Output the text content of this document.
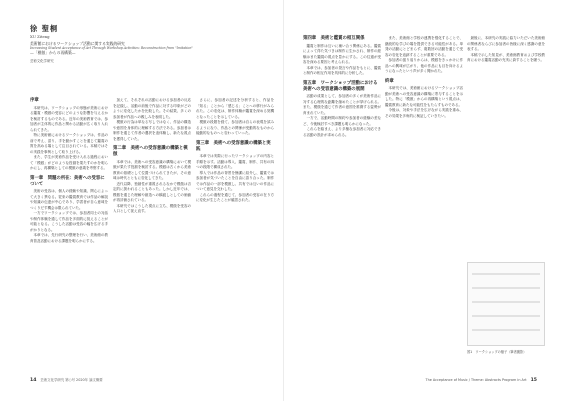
徐 聖桐
XU Ziteng
美術館におけるワークショップ活動に関する実践的研究
Increasing Student Acceptance of Art Through Workshop Activities: Reconstruction from "Imitation"
—「模倣」からの再構築—
芸術文化学研究
序章

本研究は、ワークショップの形態が美術における鑑賞・模倣の受容にどのような影響を与えるかを検討するものである。近年の美術教育では、参加者が主体的に作品と関わる活動が広く取り入れられてきた。

特に美術館におけるワークショップは、作品の前で考え、語り、手を動かすことを通じて鑑賞の質を高める場として注目されている。本稿ではその実践を事例として取り上げる。

また、学生が美術作品を受け入れる過程において「模倣」がどのような役割を果たすのかを明らかにし、再構築としての模倣の意義を考察する。

第一章　問題の所在：美術への受容について

美術の受容は、個人の経験や知識、関心によって大きく異なる。従来の鑑賞教育では作品の解説や知識の伝達が中心であり、学習者が自ら意味をつくりだす機会は限られていた。

一方でワークショップでは、参加者同士の対話や制作体験を通して作品を多面的に捉えることが可能となる。こうした活動は受容の幅を広げる手がかりとなる。

本章では、先行研究の整理を行い、美術館の教育普及活動における課題を明らかにする。

加えて、それぞれの活動における参加者の反応を記録し、活動の前後で作品に対する印象がどのように変化したかを比較した。その結果、多くの参加者が作品への親しみを表明した。

模倣の行為は単なる写しではなく、作品の構造や意図を身体的に理解する方法である。参加者は制作を通じて作者の選択を追体験し、新たな視点を獲得していた。

第二章　美術への受容意識の構築と模倣

本章では、美術への受容意識の構築において模倣が果たす役割を検討する。模倣は古くから美術教育の基礎として位置づけられてきたが、その意味は時代とともに変化してきた。

近代以降、独創性が重視されるなかで模倣は否定的に扱われることもあった。しかし近年では、模倣を通じた理解や創造への橋渡しとしての価値が再評価されている。

本研究ではこうした視点に立ち、模倣を受容の入口として捉え直す。

さらに、参加者の記述を分析すると、作品を「知る」ことから「感じる」ことへの移行がみられた。この変化は、制作体験が鑑賞を深める契機となったことを示している。

模倣の段階を経て、参加者は自らの表現を試みるようになり、作品との関係が受動的なものから能動的なものへと変わっていった。

第三章　美術への受容意識の構築と実践

本章では実際に行ったワークショップの内容と手順を示す。活動は導入、鑑賞、制作、共有の四つの段階で構成された。

導入では作品の背景を簡潔に紹介し、鑑賞では参加者が気づいたことを自由に語り合った。制作では作品の一部を模倣し、共有では互いの作品について意見を交わした。

これらの過程を通じて、参加者の受容の在り方に変化が生じたことが確認された。

第四章　美術と鑑賞の相互関係

鑑賞と制作は互いに補い合う関係にある。鑑賞によって得た気づきは制作に生かされ、制作の経験はまた鑑賞の視点を豊かにする。この往還が受容を深める要因と考えられる。

本章では、参加者の発言や作品をもとに、鑑賞と制作の相互作用を具体的に分析した。

第五章　ワークショップ活動における美術への受容意識の構築の展開

活動の成果として、参加者の多くが美術作品に対する心理的な距離を縮めたことが挙げられる。また、模倣を通じて作者の意図を推測する姿勢が育まれていた。

一方で、活動時間の制約や参加者の経験の差など、今後検討すべき課題も明らかになった。

これらを踏まえ、より多様な参加者に対応できる活動の設計が求められる。

また、美術館と学校の連携を強化することで、継続的な学びの場を提供できる可能性がある。単発の活動にとどまらず、複数回の活動を通じて受容の変化を追跡することが重要である。

参加者の振り返りからは、模倣をきっかけに作品への興味が広がり、他の作品にも目を向けるようになったという声が多く聞かれた。

終章

本研究では、美術館におけるワークショップ活動が美術への受容意識の構築に寄与することを示した。特に「模倣」からの再構築という視点は、鑑賞教育に新たな可能性をもたらすものである。

今後は、対象や手法を広げながら実践を重ね、その効果を多角的に検証していきたい。

最後に、本研究の実践に協力いただいた美術館の関係者ならびに参加者の皆様に深く感謝の意を表する。

本稿で示した知見が、美術館教育および学校教育における鑑賞活動の充実に資することを願う。

図1　ワークショップの様子（筆者撮影）
14 芸術文化学研究 第○号 2020年 論文概要	The Acceptance of Music / Theme: Abstracts Program in Art 15
